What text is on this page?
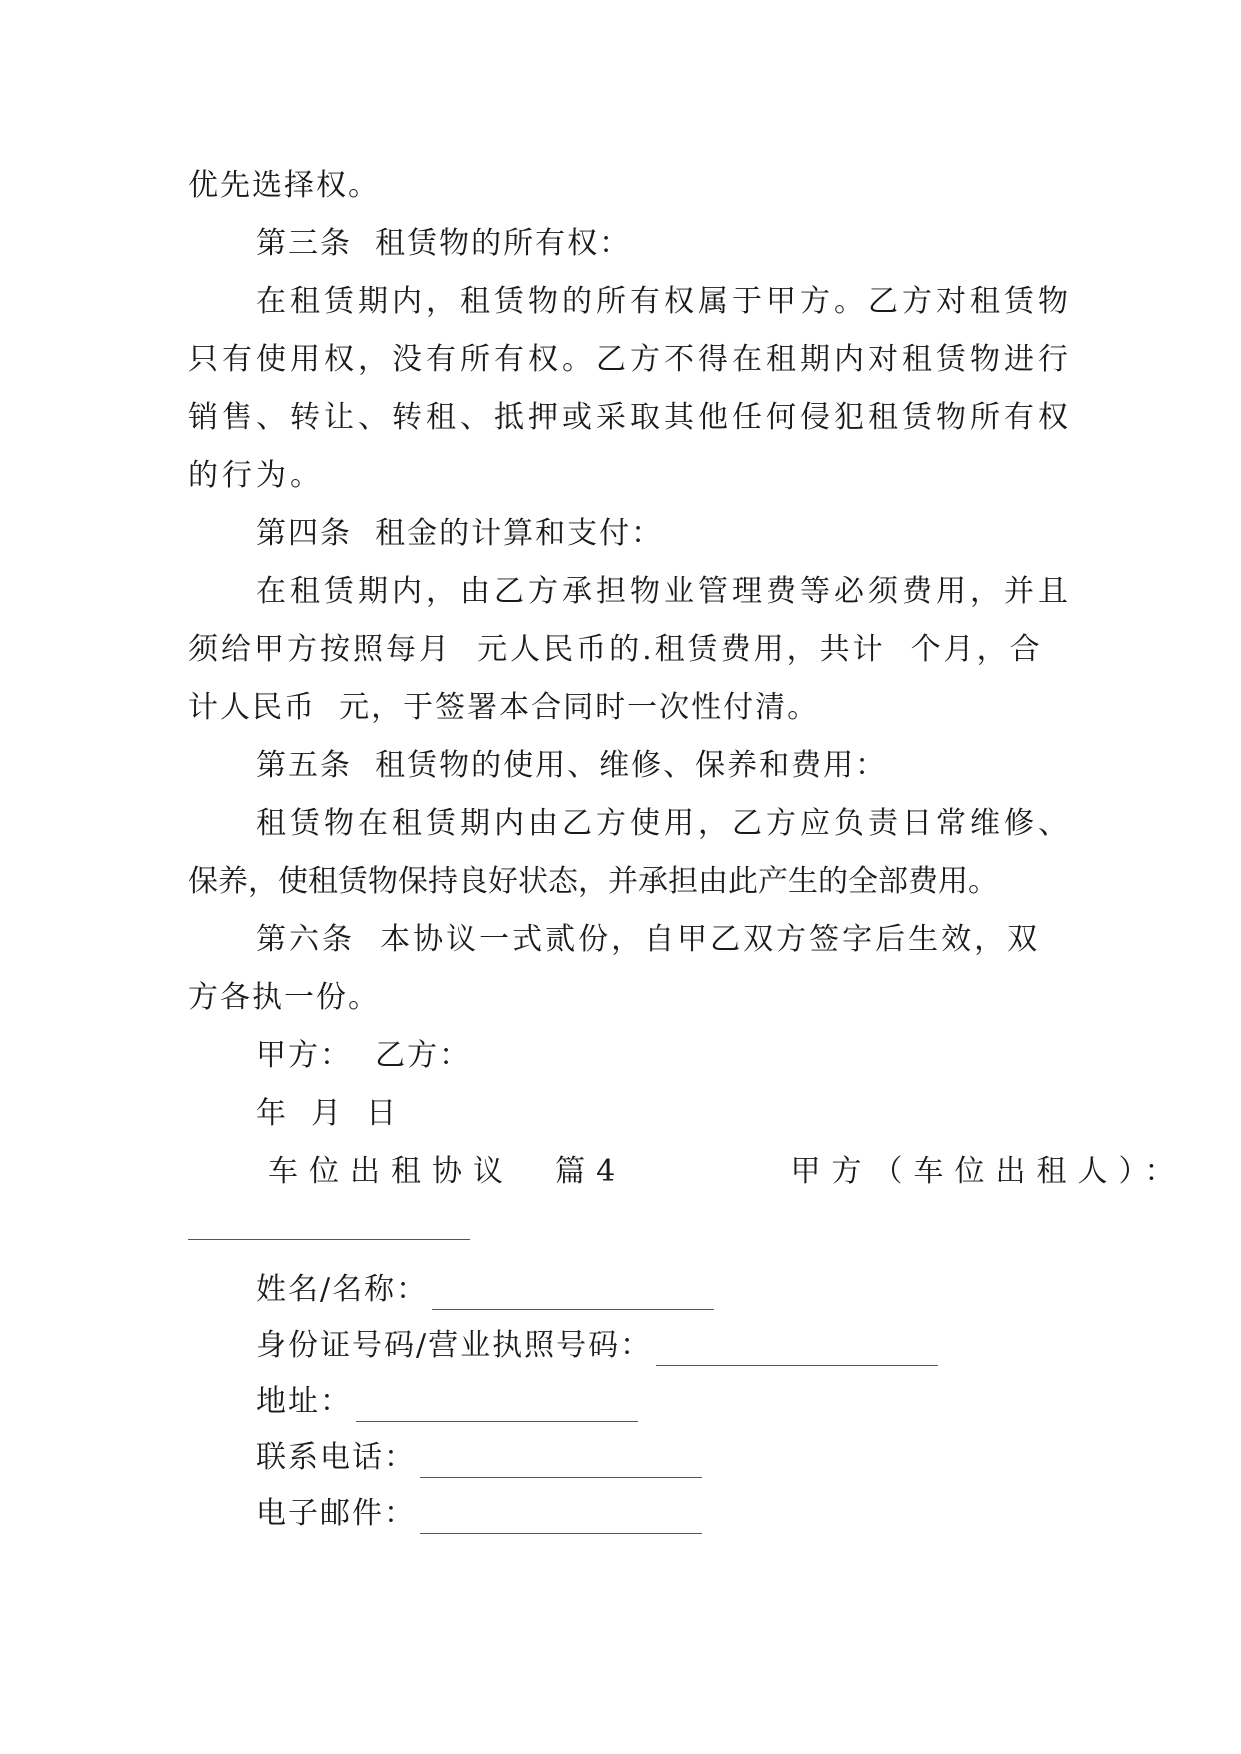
优先选择权。

第三条  租赁物的所有权：

在租赁期内，租赁物的所有权属于甲方。乙方对租赁物

只有使用权，没有所有权。乙方不得在租期内对租赁物进行

销售、转让、转租、抵押或采取其他任何侵犯租赁物所有权

的行为。

第四条  租金的计算和支付：

在租赁期内，由乙方承担物业管理费等必须费用，并且

须给甲方按照每月  元人民币的.租赁费用，共计  个月，合

计人民币  元，于签署本合同时一次性付清。

第五条  租赁物的使用、维修、保养和费用：

租赁物在租赁期内由乙方使用，乙方应负责日常维修、

保养，使租赁物保持良好状态，并承担由此产生的全部费用。

第六条  本协议一式贰份，自甲乙双方签字后生效，双

方各执一份。

甲方：  乙方：

年  月  日

车位出租协议  篇4        甲方（车位出租人）：

姓名/名称：

身份证号码/营业执照号码：

地址：

联系电话：

电子邮件：
